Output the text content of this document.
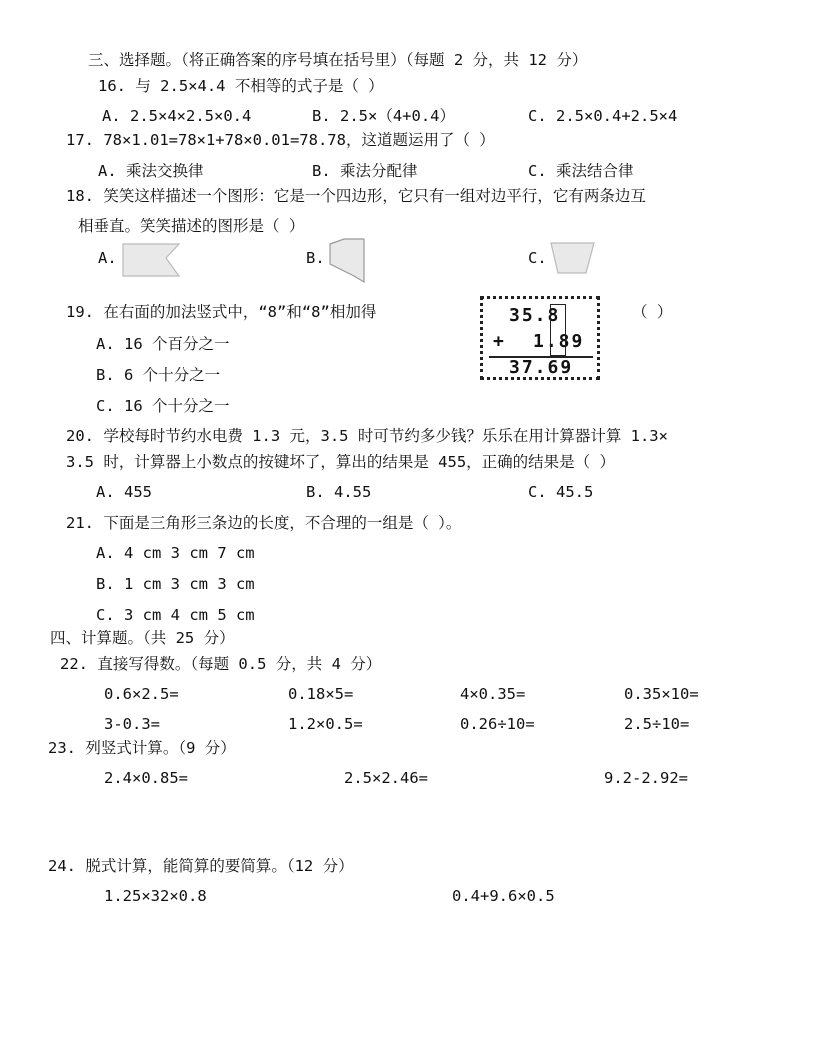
三、选择题。（将正确答案的序号填在括号里）（每题 2 分，共 12 分）
16. 与 2.5×4.4 不相等的式子是（ ）
A. 2.5×4×2.5×0.4	B. 2.5×（4+0.4）	C. 2.5×0.4+2.5×4
17. 78×1.01=78×1+78×0.01=78.78，这道题运用了（ ）
A. 乘法交换律	B. 乘法分配律	C. 乘法结合律
18. 笑笑这样描述一个图形：它是一个四边形，它只有一组对边平行，它有两条边互
相垂直。笑笑描述的图形是（ ）
A.	B.	C.
19. 在右面的加法竖式中，“8”和“8”相加得	（ ）
35.8
+ 1.89
37.69
A. 16 个百分之一
B. 6 个十分之一
C. 16 个十分之一
20. 学校每时节约水电费 1.3 元，3.5 时可节约多少钱？乐乐在用计算器计算 1.3×
3.5 时，计算器上小数点的按键坏了，算出的结果是 455，正确的结果是（ ）
A. 455	B. 4.55	C. 45.5
21. 下面是三角形三条边的长度，不合理的一组是（ ）。
A. 4 cm 3 cm 7 cm
B. 1 cm 3 cm 3 cm
C. 3 cm 4 cm 5 cm
四、计算题。（共 25 分）
22. 直接写得数。（每题 0.5 分，共 4 分）
0.6×2.5=	0.18×5=	4×0.35=	0.35×10=
3-0.3=	1.2×0.5=	0.26÷10=	2.5÷10=
23. 列竖式计算。（9 分）
2.4×0.85=	2.5×2.46=	9.2-2.92=
24. 脱式计算，能简算的要简算。（12 分）
1.25×32×0.8	0.4+9.6×0.5
